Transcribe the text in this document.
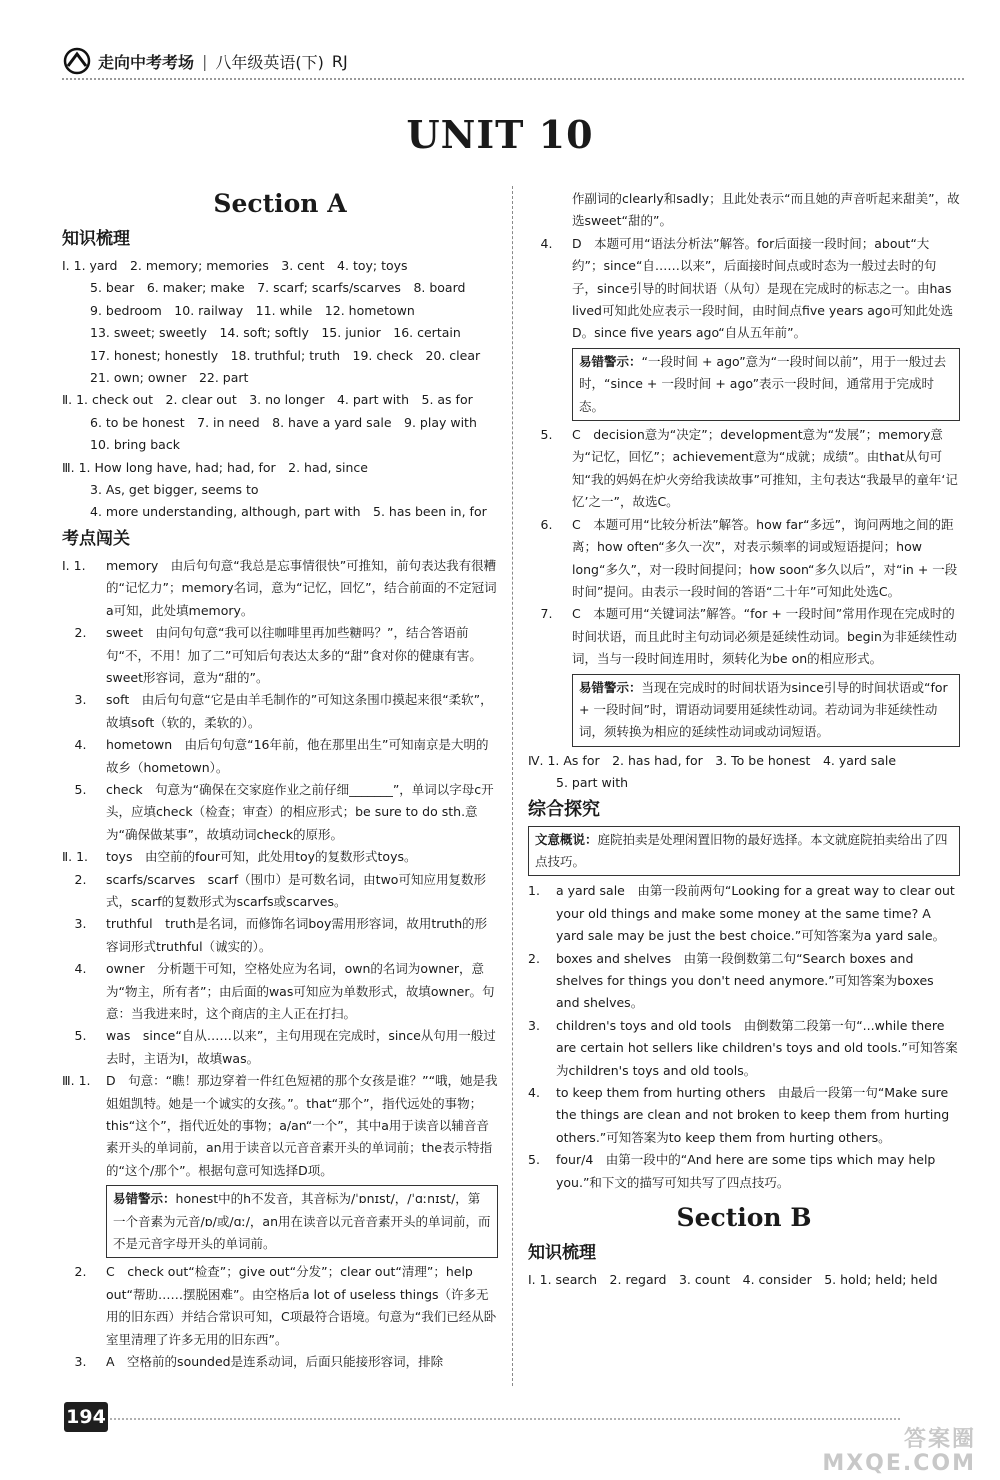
走向中考考场 | 八年级英语(下) RJ
UNIT 10
Section A
知识梳理
Ⅰ. 1. yard　2. memory; memories　3. cent　4. toy; toys
5. bear　6. maker; make　7. scarf; scarfs/scarves　8. board
9. bedroom　10. railway　11. while　12. hometown
13. sweet; sweetly　14. soft; softly　15. junior　16. certain
17. honest; honestly　18. truthful; truth　19. check　20. clear
21. own; owner　22. part
Ⅱ. 1. check out　2. clear out　3. no longer　4. part with　5. as for
6. to be honest　7. in need　8. have a yard sale　9. play with
10. bring back
Ⅲ. 1. How long have, had; had, for　2. had, since
3. As, get bigger, seems to
4. more understanding, although, part with　5. has been in, for
考点闯关
Ⅰ. 1.	memory　由后句句意“我总是忘事情很快”可推知，前句表达我有很糟的“记忆力”；memory名词，意为“记忆，回忆”，结合前面的不定冠词a可知，此处填memory。
　2.	sweet　由问句句意“我可以往咖啡里再加些糖吗？”，结合答语前句“不，不用！加了二”可知后句表达太多的“甜”食对你的健康有害。sweet形容词，意为“甜的”。
　3.	soft　由后句句意“它是由羊毛制作的”可知这条围巾摸起来很“柔软”，故填soft（软的，柔软的）。
　4.	hometown　由后句句意“16年前，他在那里出生”可知南京是大明的故乡（hometown）。
　5.	check　句意为“确保在交家庭作业之前仔细_______”，单词以字母c开头，应填check（检查；审查）的相应形式；be sure to do sth.意为“确保做某事”，故填动词check的原形。
Ⅱ. 1.	toys　由空前的four可知，此处用toy的复数形式toys。
　2.	scarfs/scarves　scarf（围巾）是可数名词，由two可知应用复数形式，scarf的复数形式为scarfs或scarves。
　3.	truthful　truth是名词，而修饰名词boy需用形容词，故用truth的形容词形式truthful（诚实的）。
　4.	owner　分析题干可知，空格处应为名词，own的名词为owner，意为“物主，所有者”；由后面的was可知应为单数形式，故填owner。句意：当我进来时，这个商店的主人正在打扫。
　5.	was　since“自从……以来”，主句用现在完成时，since从句用一般过去时，主语为I，故填was。
Ⅲ. 1.	D　句意：“瞧！那边穿着一件红色短裙的那个女孩是谁？”“哦，她是我姐姐凯特。她是一个诚实的女孩。”。that“那个”，指代远处的事物；this“这个”，指代近处的事物；a/an“一个”，其中a用于读音以辅音音素开头的单词前，an用于读音以元音音素开头的单词前；the表示特指的“这个/那个”。根据句意可知选择D项。
易错警示：honest中的h不发音，其音标为/ˈɒnɪst/，/ˈɑːnɪst/，第一个音素为元音/ɒ/或/ɑː/，an用在读音以元音音素开头的单词前，而不是元音字母开头的单词前。
　2.	C　check out“检查”；give out“分发”；clear out“清理”；help out“帮助……摆脱困难”。由空格后a lot of useless things（许多无用的旧东西）并结合常识可知，C项最符合语境。句意为“我们已经从卧室里清理了许多无用的旧东西”。
　3.	A　空格前的sounded是连系动词，后面只能接形容词，排除
作副词的clearly和sadly；且此处表示“而且她的声音听起来甜美”，故选sweet“甜的”。
　4.	D　本题可用“语法分析法”解答。for后面接一段时间；about“大约”；since“自……以来”，后面接时间点或时态为一般过去时的句子，since引导的时间状语（从句）是现在完成时的标志之一。由has lived可知此处应表示一段时间，由时间点five years ago可知此处选D。since five years ago“自从五年前”。
易错警示：“一段时间 + ago”意为“一段时间以前”，用于一般过去时，“since + 一段时间 + ago”表示一段时间，通常用于完成时态。
　5.	C　decision意为“决定”；development意为“发展”；memory意为“记忆，回忆”；achievement意为“成就；成绩”。由that从句可知“我的妈妈在炉火旁给我读故事”可推知，主句表达“我最早的童年‘记忆’之一”，故选C。
　6.	C　本题可用“比较分析法”解答。how far“多远”，询问两地之间的距离；how often“多久一次”，对表示频率的词或短语提问；how long“多久”，对一段时间提问；how soon“多久以后”，对“in + 一段时间”提问。由表示一段时间的答语“二十年”可知此处选C。
　7.	C　本题可用“关键词法”解答。“for + 一段时间”常用作现在完成时的时间状语，而且此时主句动词必须是延续性动词。begin为非延续性动词，当与一段时间连用时，须转化为be on的相应形式。
易错警示：当现在完成时的时间状语为since引导的时间状语或“for + 一段时间”时，谓语动词要用延续性动词。若动词为非延续性动词，须转换为相应的延续性动词或动词短语。
Ⅳ. 1. As for　2. has had, for　3. To be honest　4. yard sale
5. part with
综合探究
文意概说：庭院拍卖是处理闲置旧物的最好选择。本文就庭院拍卖给出了四点技巧。
1.	a yard sale　由第一段前两句“Looking for a great way to clear out your old things and make some money at the same time? A yard sale may be just the best choice.”可知答案为a yard sale。
2.	boxes and shelves　由第一段倒数第二句“Search boxes and shelves for things you don't need anymore.”可知答案为boxes and shelves。
3.	children's toys and old tools　由倒数第二段第一句“...while there are certain hot sellers like children's toys and old tools.”可知答案为children's toys and old tools。
4.	to keep them from hurting others　由最后一段第一句“Make sure the things are clean and not broken to keep them from hurting others.”可知答案为to keep them from hurting others。
5.	four/4　由第一段中的“And here are some tips which may help you.”和下文的描写可知共写了四点技巧。
Section B
知识梳理
Ⅰ. 1. search　2. regard　3. count　4. consider　5. hold; held; held
194
答案圈
MXQE.COM
